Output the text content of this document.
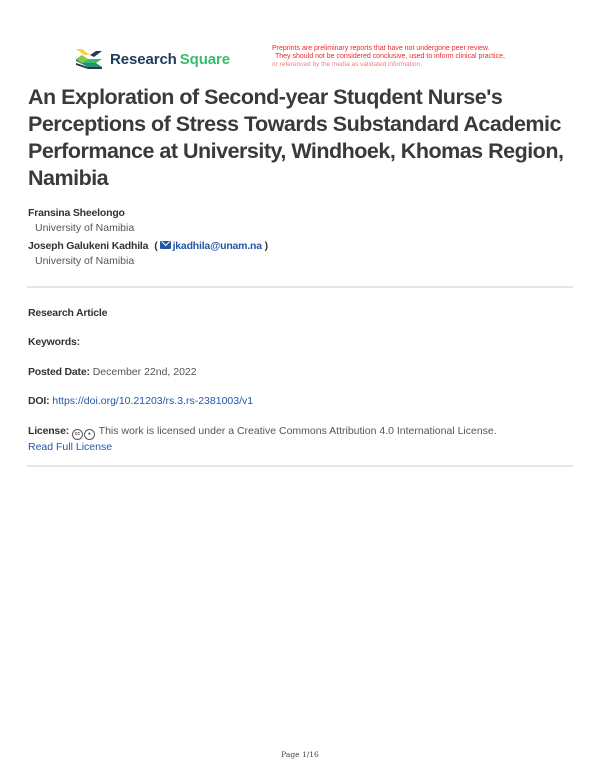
Research Square
Preprints are preliminary reports that have not undergone peer review.
They should not be considered conclusive, used to inform clinical practice,
or referenced by the media as validated information.
An Exploration of Second-year Stuqdent Nurse's Perceptions of Stress Towards Substandard Academic Performance at University, Windhoek, Khomas Region, Namibia
Fransina Sheelongo
University of Namibia
Joseph Galukeni Kadhila ( jkadhila@unam.na )
University of Namibia
Research Article
Keywords:
Posted Date: December 22nd, 2022
DOI: https://doi.org/10.21203/rs.3.rs-2381003/v1
License: cc ● This work is licensed under a Creative Commons Attribution 4.0 International License.
Read Full License
Page 1/16
